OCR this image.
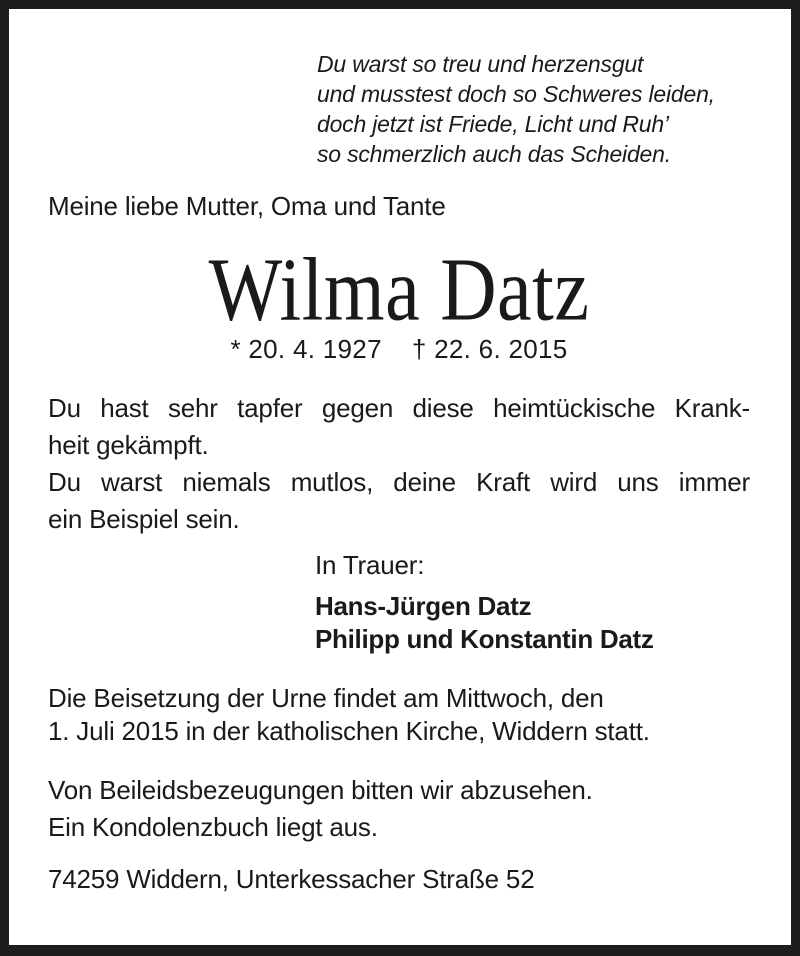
Du warst so treu und herzensgut
und musstest doch so Schweres leiden,
doch jetzt ist Friede, Licht und Ruh’
so schmerzlich auch das Scheiden.
Meine liebe Mutter, Oma und Tante
Wilma Datz
* 20. 4. 1927 † 22. 6. 2015
Du hast sehr tapfer gegen diese heimtückische Krank-
heit gekämpft.
Du warst niemals mutlos, deine Kraft wird uns immer
ein Beispiel sein.
In Trauer:
Hans-Jürgen Datz
Philipp und Konstantin Datz
Die Beisetzung der Urne findet am Mittwoch, den
1. Juli 2015 in der katholischen Kirche, Widdern statt.
Von Beileidsbezeugungen bitten wir abzusehen.
Ein Kondolenzbuch liegt aus.
74259 Widdern, Unterkessacher Straße 52
